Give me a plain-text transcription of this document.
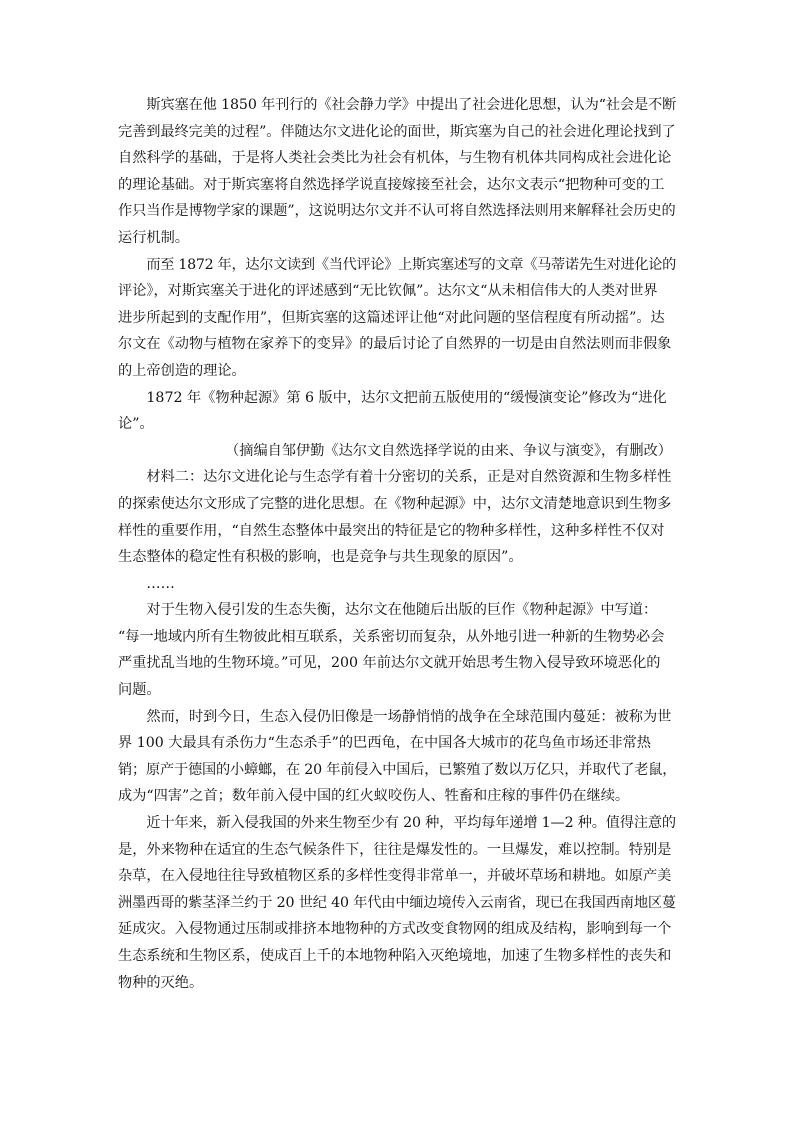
斯宾塞在他 1850 年刊行的《社会静力学》中提出了社会进化思想，认为“社会是不断
完善到最终完美的过程”。伴随达尔文进化论的面世，斯宾塞为自己的社会进化理论找到了
自然科学的基础，于是将人类社会类比为社会有机体，与生物有机体共同构成社会进化论
的理论基础。对于斯宾塞将自然选择学说直接嫁接至社会，达尔文表示“把物种可变的工
作只当作是博物学家的课题”，这说明达尔文并不认可将自然选择法则用来解释社会历史的
运行机制。

而至 1872 年，达尔文读到《当代评论》上斯宾塞述写的文章《马蒂诺先生对进化论的
评论》，对斯宾塞关于进化的评述感到“无比钦佩”。达尔文“从未相信伟大的人类对世界
进步所起到的支配作用”，但斯宾塞的这篇述评让他“对此问题的坚信程度有所动摇”。达
尔文在《动物与植物在家养下的变异》的最后讨论了自然界的一切是由自然法则而非假象
的上帝创造的理论。

1872 年《物种起源》第 6 版中，达尔文把前五版使用的“缓慢演变论”修改为“进化
论”。

（摘编自邹伊勤《达尔文自然选择学说的由来、争议与演变》，有删改）

材料二：达尔文进化论与生态学有着十分密切的关系，正是对自然资源和生物多样性
的探索使达尔文形成了完整的进化思想。在《物种起源》中，达尔文清楚地意识到生物多
样性的重要作用，“自然生态整体中最突出的特征是它的物种多样性，这种多样性不仅对
生态整体的稳定性有积极的影响，也是竞争与共生现象的原因”。

……

对于生物入侵引发的生态失衡，达尔文在他随后出版的巨作《物种起源》中写道：
“每一地域内所有生物彼此相互联系，关系密切而复杂，从外地引进一种新的生物势必会
严重扰乱当地的生物环境。”可见，200 年前达尔文就开始思考生物入侵导致环境恶化的
问题。

然而，时到今日，生态入侵仍旧像是一场静悄悄的战争在全球范围内蔓延：被称为世
界 100 大最具有杀伤力“生态杀手”的巴西龟，在中国各大城市的花鸟鱼市场还非常热
销；原产于德国的小蟑螂，在 20 年前侵入中国后，已繁殖了数以万亿只，并取代了老鼠，
成为“四害”之首；数年前入侵中国的红火蚁咬伤人、牲畜和庄稼的事件仍在继续。

近十年来，新入侵我国的外来生物至少有 20 种，平均每年递增 1—2 种。值得注意的
是，外来物种在适宜的生态气候条件下，往往是爆发性的。一旦爆发，难以控制。特别是
杂草，在入侵地往往导致植物区系的多样性变得非常单一，并破坏草场和耕地。如原产美
洲墨西哥的紫茎泽兰约于 20 世纪 40 年代由中缅边境传入云南省，现已在我国西南地区蔓
延成灾。入侵物通过压制或排挤本地物种的方式改变食物网的组成及结构，影响到每一个
生态系统和生物区系，使成百上千的本地物种陷入灭绝境地，加速了生物多样性的丧失和
物种的灭绝。
